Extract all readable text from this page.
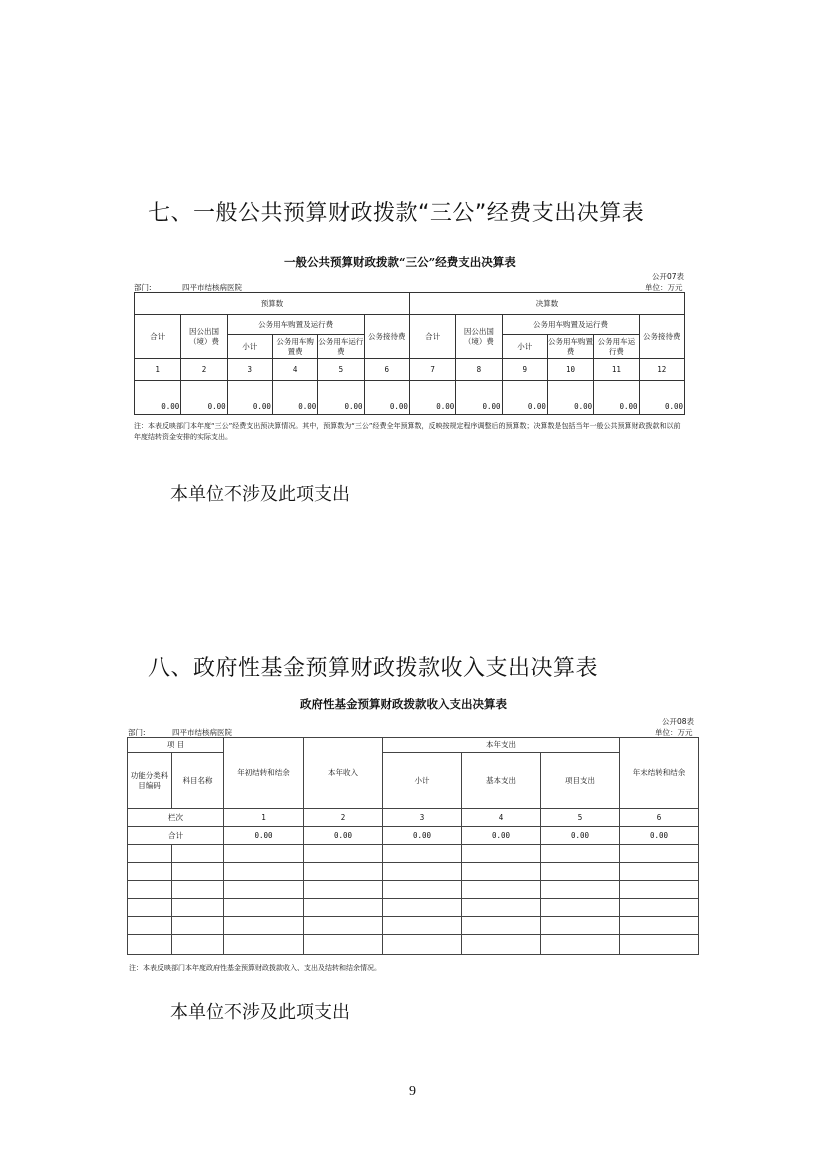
七、一般公共预算财政拨款“三公”经费支出决算表
一般公共预算财政拨款“三公”经费支出决算表
公开07表
部门:	四平市结核病医院	单位：万元
预算数						决算数					
合计	因公出国（境）费	公务用车购置及运行费			公务接待费	合计	因公出国（境）费	公务用车购置及运行费			公务接待费
		小计	公务用车购置费	公务用车运行费				小计	公务用车购置费	公务用车运行费	
1	2	3	4	5	6	7	8	9	10	11	12
0.00	0.00	0.00	0.00	0.00	0.00	0.00	0.00	0.00	0.00	0.00	0.00
注：本表反映部门本年度“三公”经费支出预决算情况。其中，预算数为“三公”经费全年预算数，反映按规定程序调整后的预算数；决算数是包括当年一般公共预算财政拨款和以前年度结转资金安排的实际支出。
本单位不涉及此项支出
八、政府性基金预算财政拨款收入支出决算表
政府性基金预算财政拨款收入支出决算表
公开08表
部门:	四平市结核病医院	单位：万元
项 目		年初结转和结余	本年收入	本年支出			年末结转和结余
功能分类科目编码	科目名称			小计	基本支出	项目支出	
栏次		1	2	3	4	5	6
合计		0.00	0.00	0.00	0.00	0.00	0.00

注：本表反映部门本年度政府性基金预算财政拨款收入、支出及结转和结余情况。
本单位不涉及此项支出
9
